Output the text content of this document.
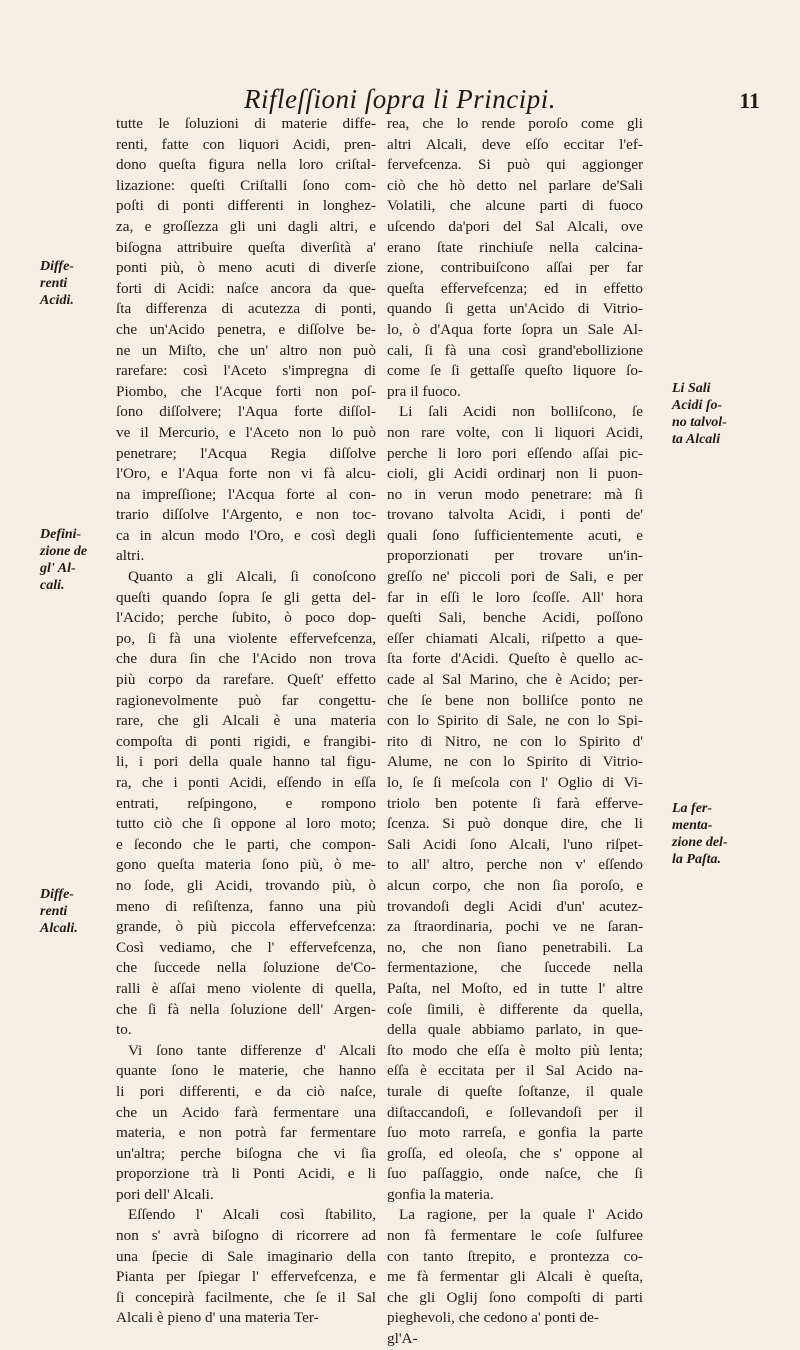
Rifleſſioni ſopra li Principi.	11
tutte le ſoluzioni di materie diffe-
renti, fatte con liquori Acidi, pren-
dono queſta figura nella loro criſtal-
lizazione: queſti Criſtalli ſono com-
poſti di ponti differenti in longhez-
za, e groſſezza gli uni dagli altri, e
biſogna attribuire queſta diverſità a'
ponti più, ò meno acuti di diverſe
forti di Acidi: naſce ancora da que-
ſta differenza di acutezza di ponti,
che un'Acido penetra, e diſſolve be-
ne un Miſto, che un' altro non può
rarefare: così l'Aceto s'impregna di
Piombo, che l'Acque forti non poſ-
ſono diſſolvere; l'Aqua forte diſſol-
ve il Mercurio, e l'Aceto non lo può
penetrare; l'Acqua Regia diſſolve
l'Oro, e l'Aqua forte non vi fà alcu-
na impreſſione; l'Acqua forte al con-
trario diſſolve l'Argento, e non toc-
ca in alcun modo l'Oro, e così degli
altri.
Quanto a gli Alcali, ſi conoſcono
queſti quando ſopra ſe gli getta del-
l'Acido; perche ſubito, ò poco dop-
po, ſi fà una violente effervefcenza,
che dura ſin che l'Acido non trova
più corpo da rarefare. Queſt' effetto
ragionevolmente può far congettu-
rare, che gli Alcali è una materia
compoſta di ponti rigidi, e frangibi-
li, i pori della quale hanno tal figu-
ra, che i ponti Acidi, eſſendo in eſſa
entrati, reſpingono, e rompono
tutto ciò che ſi oppone al loro moto;
e ſecondo che le parti, che compon-
gono queſta materia ſono più, ò me-
no ſode, gli Acidi, trovando più, ò
meno di reſiſtenza, fanno una più
grande, ò più piccola effervefcenza:
Così vediamo, che l' effervefcenza,
che ſuccede nella ſoluzione de'Co-
ralli è aſſai meno violente di quella,
che ſi fà nella ſoluzione dell' Argen-
to.
Vi ſono tante differenze d' Alcali
quante ſono le materie, che hanno
li pori differenti, e da ciò naſce,
che un Acido farà fermentare una
materia, e non potrà far fermentare
un'altra; perche biſogna che vi ſia
proporzione trà li Ponti Acidi, e li
pori dell' Alcali.
Eſſendo l' Alcali così ſtabilito,
non s' avrà biſogno di ricorrere ad
una ſpecie di Sale imaginario della
Pianta per ſpiegar l' effervefcenza, e
ſi concepirà facilmente, che ſe il Sal
Alcali è pieno d' una materia Ter-
rea, che lo rende poroſo come gli
altri Alcali, deve eſſo eccitar l'ef-
fervefcenza. Si può qui aggionger
ciò che hò detto nel parlare de'Sali
Volatili, che alcune parti di fuoco
uſcendo da'pori del Sal Alcali, ove
erano ſtate rinchiuſe nella calcina-
zione, contribuiſcono aſſai per far
queſta effervefcenza; ed in effetto
quando ſi getta un'Acido di Vitrio-
lo, ò d'Aqua forte ſopra un Sale Al-
cali, ſi fà una così grand'ebollizione
come ſe ſi gettaſſe queſto liquore ſo-
pra il fuoco.
Li ſali Acidi non bolliſcono, ſe
non rare volte, con li liquori Acidi,
perche li loro pori eſſendo aſſai pic-
cioli, gli Acidi ordinarj non li puon-
no in verun modo penetrare: mà ſi
trovano talvolta Acidi, i ponti de'
quali ſono ſufficientemente acuti, e
proporzionati per trovare un'in-
greſſo ne' piccoli pori de Sali, e per
far in eſſi le loro ſcoſſe. All' hora
queſti Sali, benche Acidi, poſſono
eſſer chiamati Alcali, riſpetto a que-
ſta forte d'Acidi. Queſto è quello ac-
cade al Sal Marino, che è Acido; per-
che ſe bene non bolliſce ponto ne
con lo Spirito di Sale, ne con lo Spi-
rito di Nitro, ne con lo Spirito d'
Alume, ne con lo Spirito di Vitrio-
lo, ſe ſi meſcola con l' Oglio di Vi-
triolo ben potente ſi farà efferve-
ſcenza. Si può donque dire, che li
Sali Acidi ſono Alcali, l'uno riſpet-
to all' altro, perche non v' eſſendo
alcun corpo, che non ſia poroſo, e
trovandoſi degli Acidi d'un' acutez-
za ſtraordinaria, pochi ve ne ſaran-
no, che non ſiano penetrabili. La
fermentazione, che ſuccede nella
Paſta, nel Moſto, ed in tutte l' altre
coſe ſimili, è differente da quella,
della quale abbiamo parlato, in que-
ſto modo che eſſa è molto più lenta;
eſſa è eccitata per il Sal Acido na-
turale di queſte ſoſtanze, il quale
diſtaccandoſi, e ſollevandoſi per il
ſuo moto rarreſa, e gonfia la parte
groſſa, ed oleoſa, che s' oppone al
ſuo paſſaggio, onde naſce, che ſi
gonfia la materia.
La ragione, per la quale l' Acido
non fà fermentare le coſe ſulfuree
con tanto ſtrepito, e prontezza co-
me fà fermentar gli Alcali è queſta,
che gli Oglij ſono compoſti di parti
pieghevoli, che cedono a' ponti de-
gl'A-
Diffe-
renti
Acidi.
Defini-
zione de
gl' Al-
cali.
Diffe-
renti
Alcali.
Li Sali
Acidi ſo-
no talvol-
ta Alcali
La fer-
menta-
zione del-
la Paſta.
